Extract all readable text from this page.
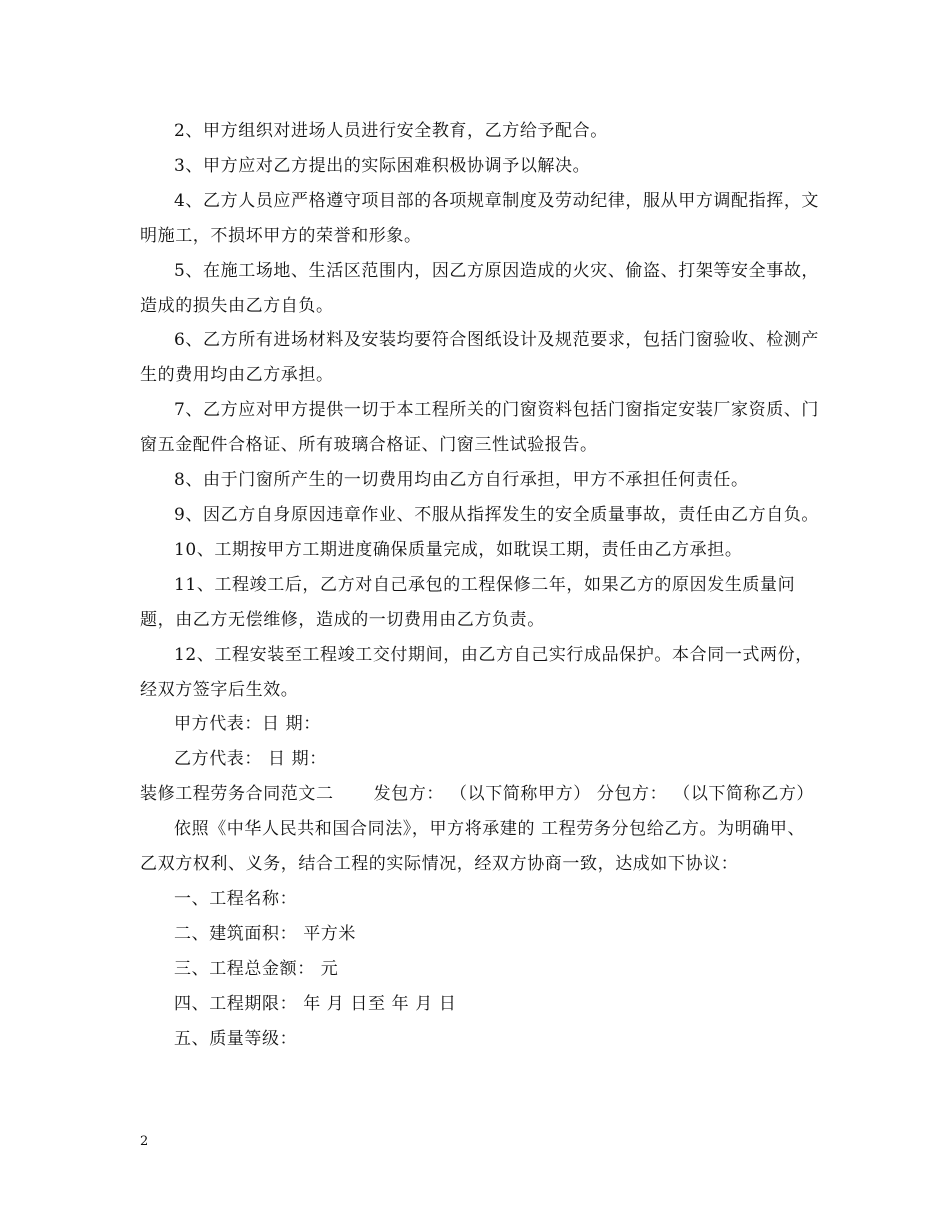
2、甲方组织对进场人员进行安全教育，乙方给予配合。

3、甲方应对乙方提出的实际困难积极协调予以解决。

4、乙方人员应严格遵守项目部的各项规章制度及劳动纪律，服从甲方调配指挥，文明施工，不损坏甲方的荣誉和形象。

5、在施工场地、生活区范围内，因乙方原因造成的火灾、偷盗、打架等安全事故，造成的损失由乙方自负。

6、乙方所有进场材料及安装均要符合图纸设计及规范要求，包括门窗验收、检测产生的费用均由乙方承担。

7、乙方应对甲方提供一切于本工程所关的门窗资料包括门窗指定安装厂家资质、门窗五金配件合格证、所有玻璃合格证、门窗三性试验报告。

8、由于门窗所产生的一切费用均由乙方自行承担，甲方不承担任何责任。

9、因乙方自身原因违章作业、不服从指挥发生的安全质量事故，责任由乙方自负。

10、工期按甲方工期进度确保质量完成，如耽误工期，责任由乙方承担。

11、工程竣工后，乙方对自己承包的工程保修二年，如果乙方的原因发生质量问题，由乙方无偿维修，造成的一切费用由乙方负责。

12、工程安装至工程竣工交付期间，由乙方自己实行成品保护。本合同一式两份，经双方签字后生效。

甲方代表：日 期：

乙方代表： 日 期：

装修工程劳务合同范文二 发包方： （以下简称甲方） 分包方： （以下简称乙方）

依照《中华人民共和国合同法》，甲方将承建的 工程劳务分包给乙方。为明确甲、乙双方权利、义务，结合工程的实际情况，经双方协商一致，达成如下协议：

一、工程名称：

二、建筑面积： 平方米

三、工程总金额： 元

四、工程期限： 年 月 日至 年 月 日

五、质量等级：

2
